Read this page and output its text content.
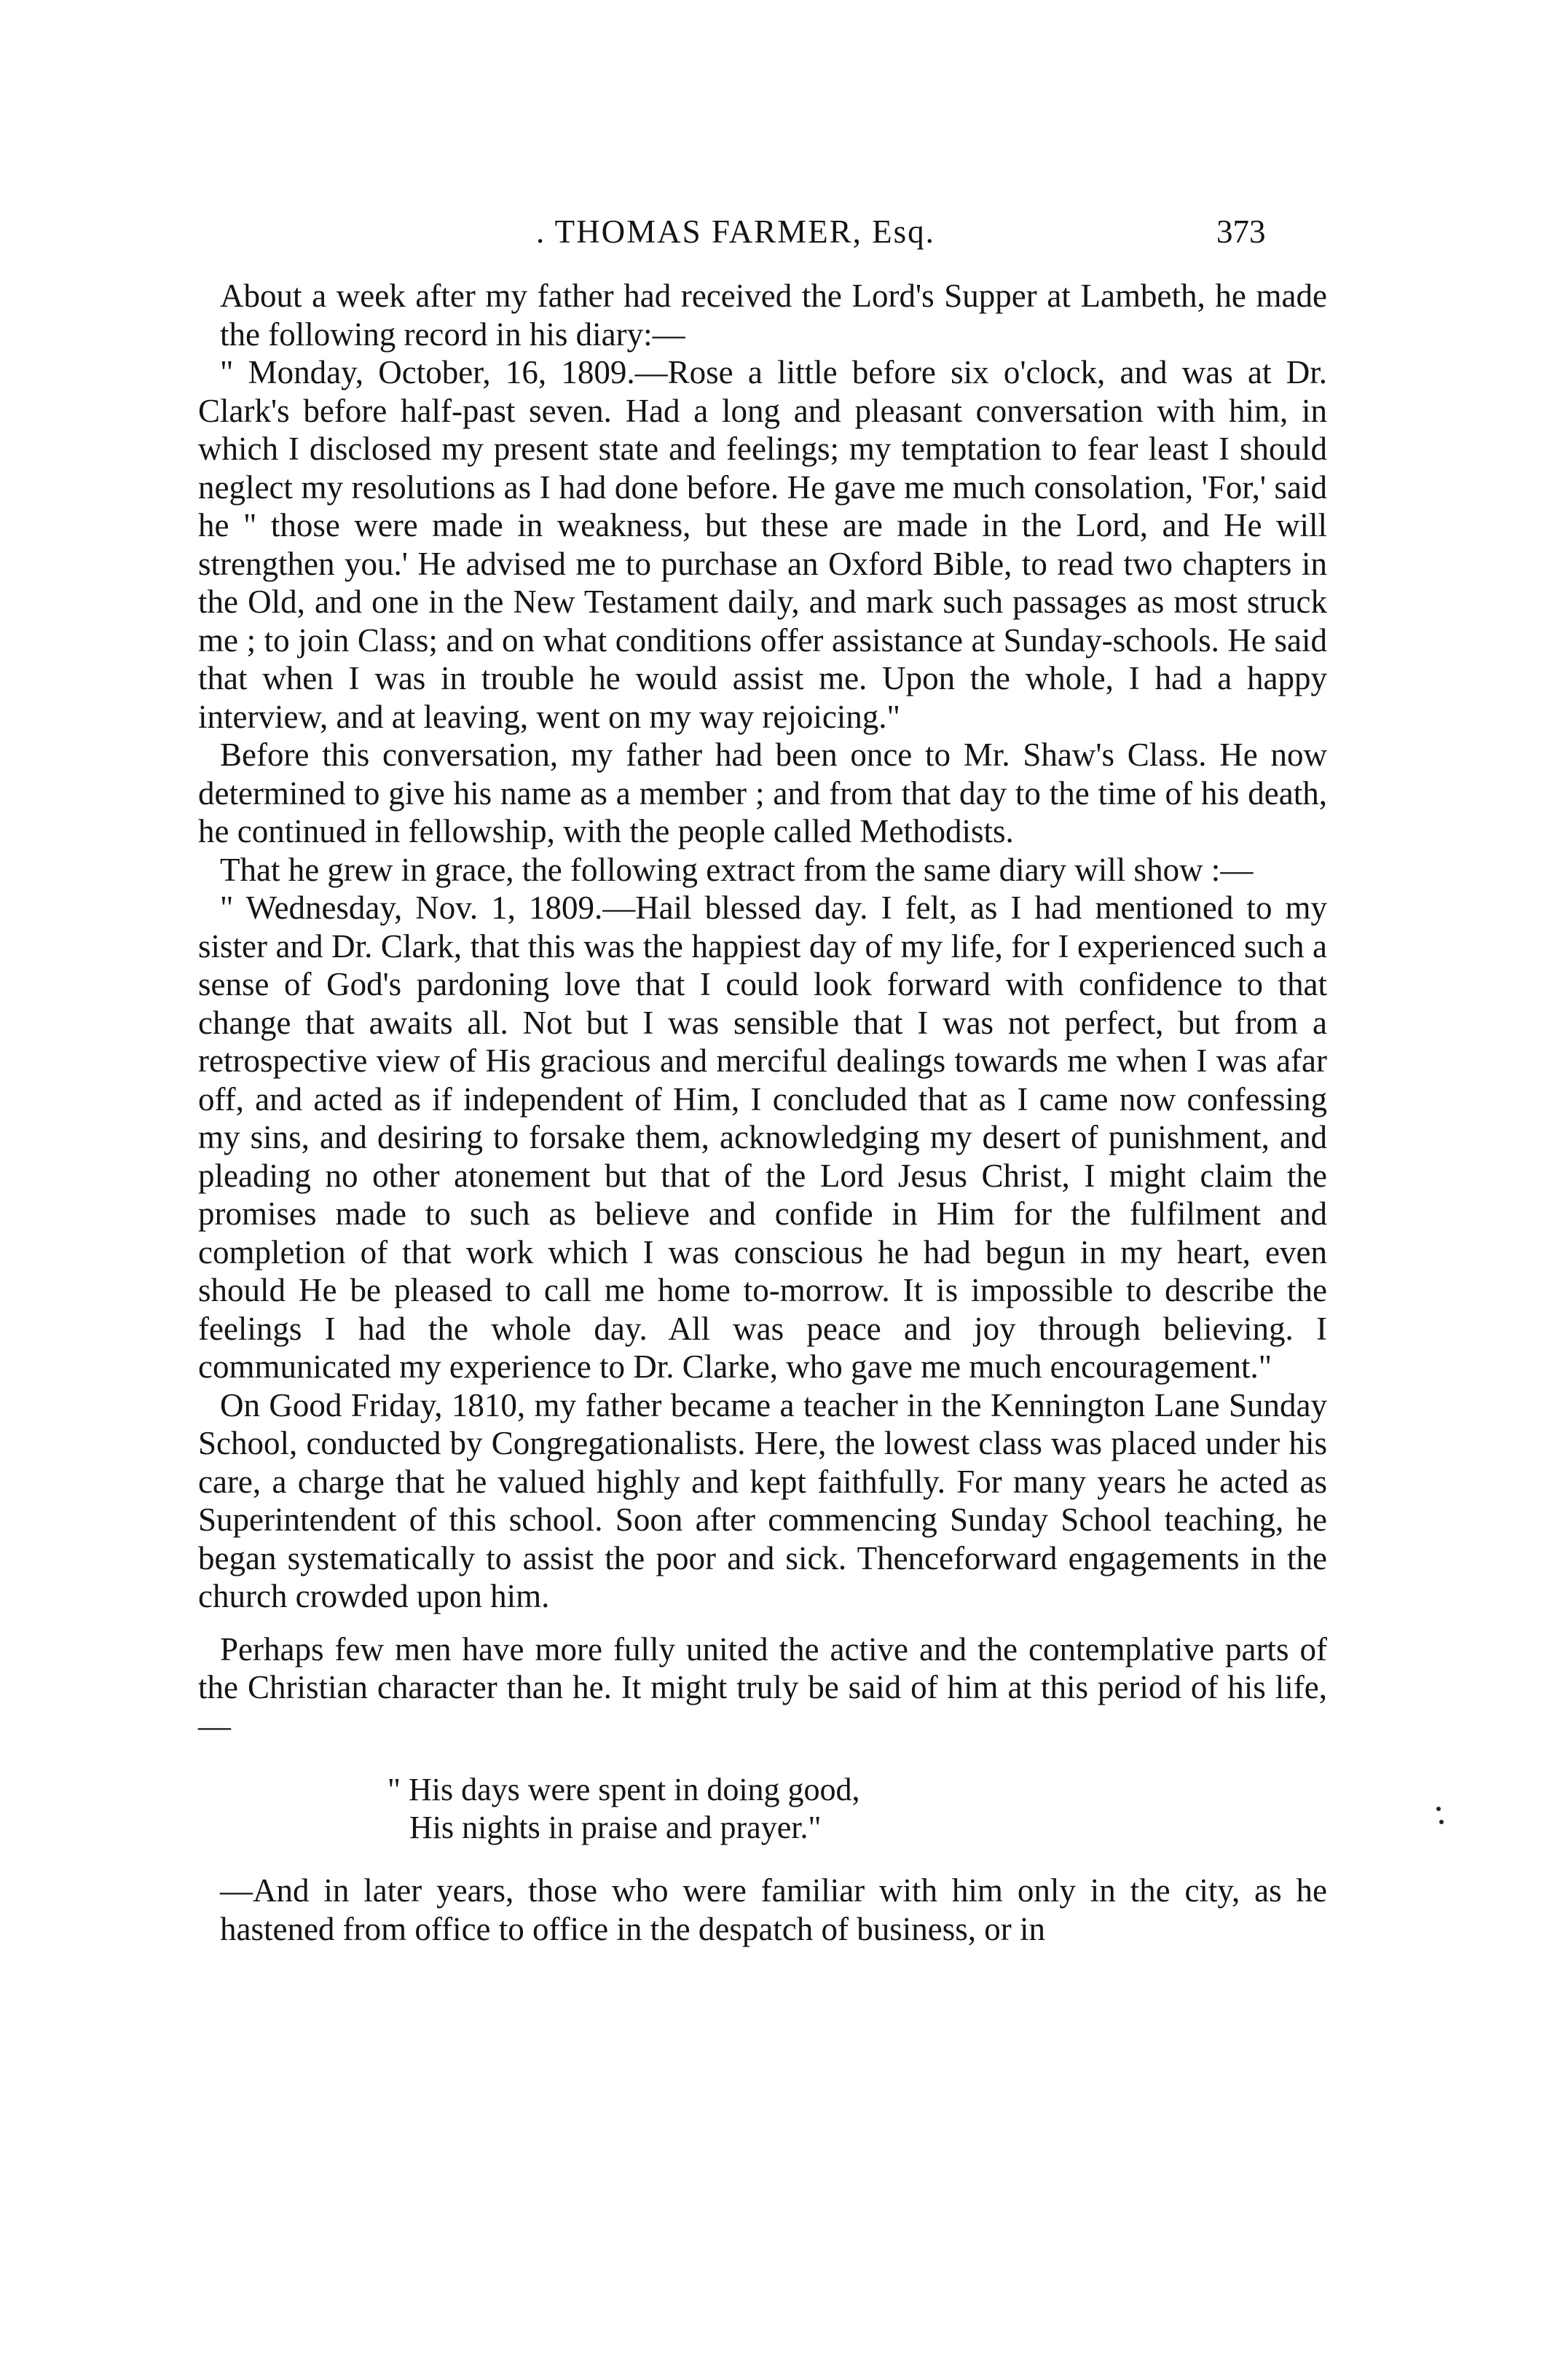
. THOMAS FARMER, Esq.	373

About a week after my father had received the Lord's Supper at Lambeth, he made the following record in his diary:—

" Monday, October, 16, 1809.—Rose a little before six o'clock, and was at Dr. Clark's before half-past seven. Had a long and pleasant conversation with him, in which I disclosed my present state and feelings; my temptation to fear least I should neglect my resolutions as I had done before. He gave me much consolation, 'For,' said he " those were made in weakness, but these are made in the Lord, and He will strengthen you.' He advised me to purchase an Oxford Bible, to read two chapters in the Old, and one in the New Testament daily, and mark such passages as most struck me ; to join Class; and on what conditions offer assistance at Sunday-schools. He said that when I was in trouble he would assist me. Upon the whole, I had a happy interview, and at leaving, went on my way rejoicing."

Before this conversation, my father had been once to Mr. Shaw's Class. He now determined to give his name as a member ; and from that day to the time of his death, he continued in fellowship, with the people called Methodists.

That he grew in grace, the following extract from the same diary will show :—

" Wednesday, Nov. 1, 1809.—Hail blessed day. I felt, as I had mentioned to my sister and Dr. Clark, that this was the happiest day of my life, for I experienced such a sense of God's pardoning love that I could look forward with confidence to that change that awaits all. Not but I was sensible that I was not perfect, but from a retrospective view of His gracious and merciful dealings towards me when I was afar off, and acted as if independent of Him, I concluded that as I came now confessing my sins, and desiring to forsake them, acknowledging my desert of punishment, and pleading no other atonement but that of the Lord Jesus Christ, I might claim the promises made to such as believe and confide in Him for the fulfilment and completion of that work which I was conscious he had begun in my heart, even should He be pleased to call me home to-morrow. It is impossible to describe the feelings I had the whole day. All was peace and joy through believing. I communicated my experience to Dr. Clarke, who gave me much encouragement."

On Good Friday, 1810, my father became a teacher in the Kennington Lane Sunday School, conducted by Congregationalists. Here, the lowest class was placed under his care, a charge that he valued highly and kept faithfully. For many years he acted as Superintendent of this school. Soon after commencing Sunday School teaching, he began systematically to assist the poor and sick. Thenceforward engagements in the church crowded upon him.

Perhaps few men have more fully united the active and the contemplative parts of the Christian character than he. It might truly be said of him at this period of his life,—

" His days were spent in doing good,
His nights in praise and prayer."

—And in later years, those who were familiar with him only in the city, as he hastened from office to office in the despatch of business, or in
